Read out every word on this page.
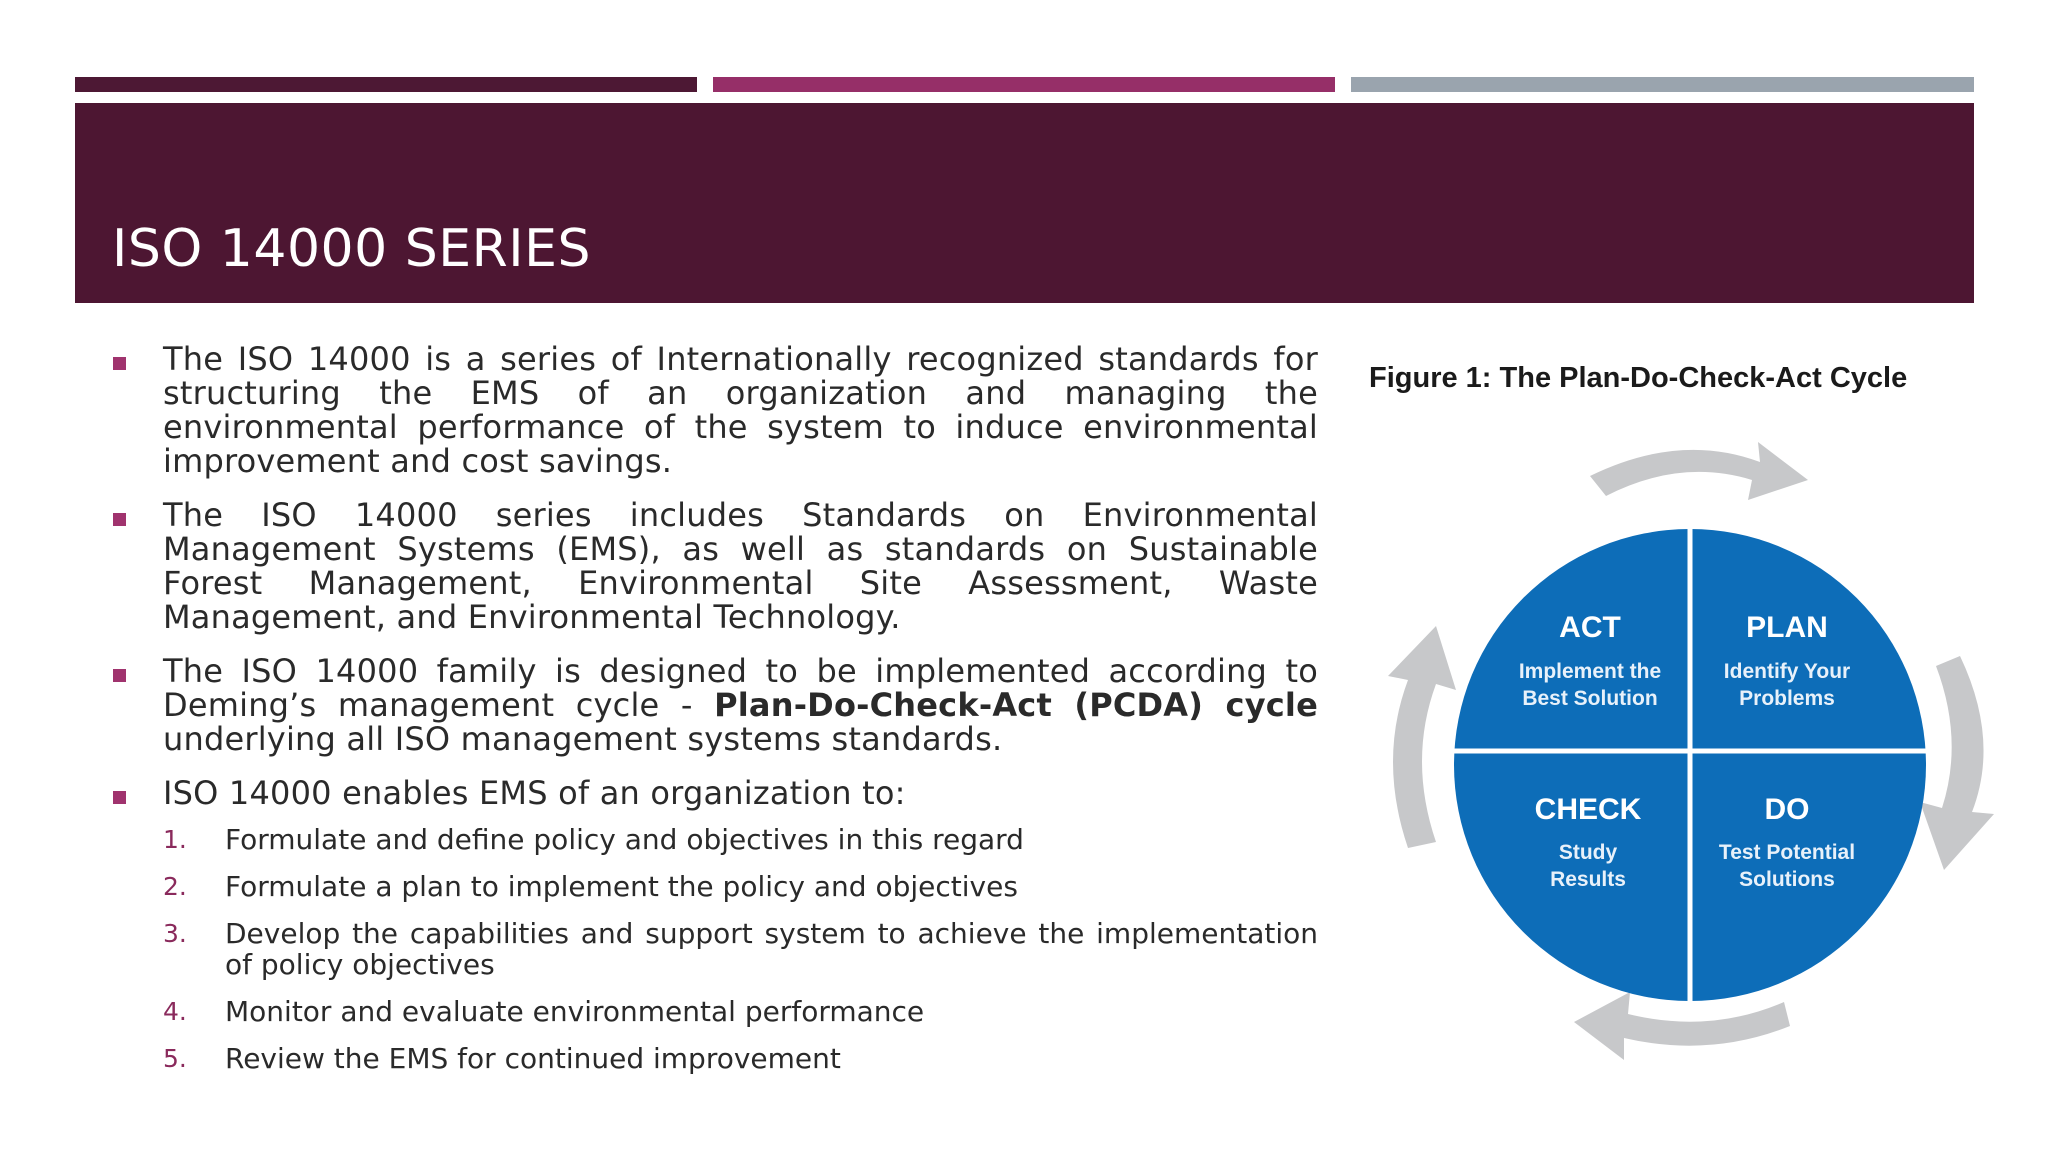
ISO 14000 SERIES
The ISO 14000 is a series of Internationally recognized standards for structuring the EMS of an organization and managing the environmental performance of the system to induce environmental improvement and cost savings.
The ISO 14000 series includes Standards on Environmental Management Systems (EMS), as well as standards on Sustainable Forest Management, Environmental Site Assessment, Waste Management, and Environmental Technology.
The ISO 14000 family is designed to be implemented according to Deming’s management cycle - Plan-Do-Check-Act (PCDA) cycle underlying all ISO management systems standards.
ISO 14000 enables EMS of an organization to:
1. Formulate and define policy and objectives in this regard
2. Formulate a plan to implement the policy and objectives
3. Develop the capabilities and support system to achieve the implementation of policy objectives
4. Monitor and evaluate environmental performance
5. Review the EMS for continued improvement
Figure 1: The Plan-Do-Check-Act Cycle
ACT
Implement the
Best Solution
PLAN
Identify Your
Problems
CHECK
Study
Results
DO
Test Potential
Solutions
